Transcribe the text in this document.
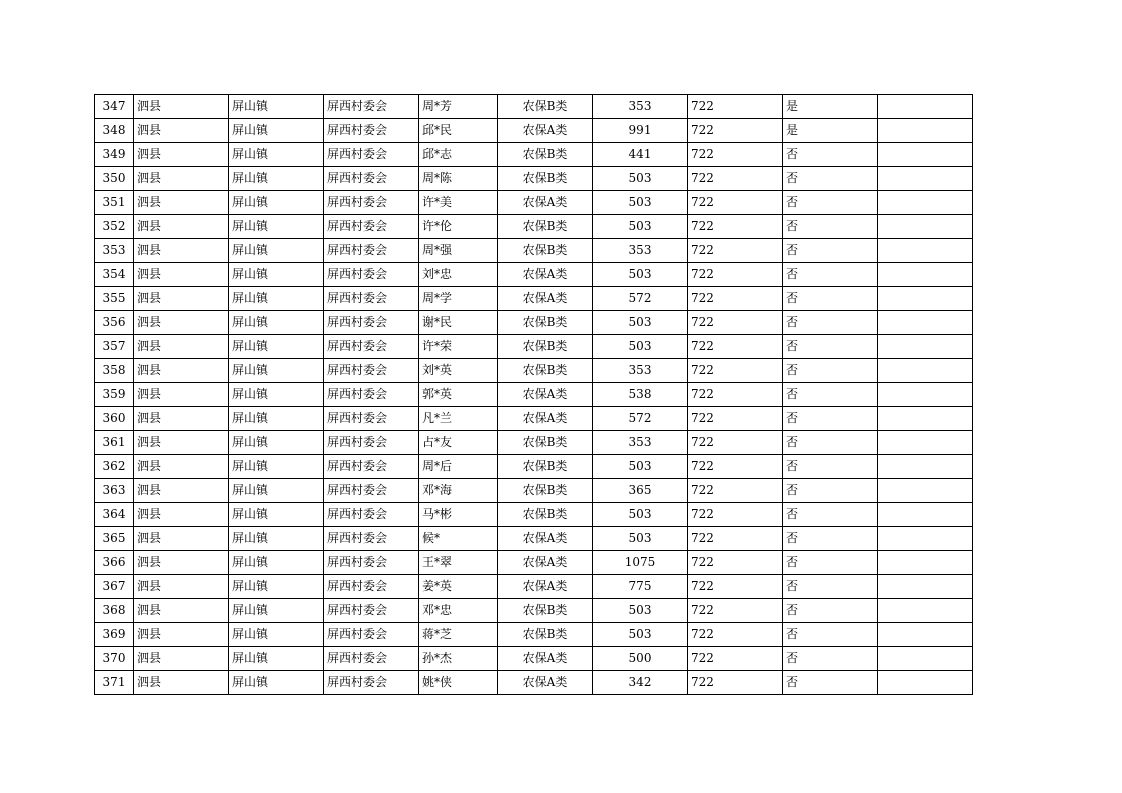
347	泗县	屏山镇	屏西村委会	周*芳	农保B类	353	722	是	
348	泗县	屏山镇	屏西村委会	邱*民	农保A类	991	722	是	
349	泗县	屏山镇	屏西村委会	邱*志	农保B类	441	722	否	
350	泗县	屏山镇	屏西村委会	周*陈	农保B类	503	722	否	
351	泗县	屏山镇	屏西村委会	许*美	农保A类	503	722	否	
352	泗县	屏山镇	屏西村委会	许*伦	农保B类	503	722	否	
353	泗县	屏山镇	屏西村委会	周*强	农保B类	353	722	否	
354	泗县	屏山镇	屏西村委会	刘*忠	农保A类	503	722	否	
355	泗县	屏山镇	屏西村委会	周*学	农保A类	572	722	否	
356	泗县	屏山镇	屏西村委会	谢*民	农保B类	503	722	否	
357	泗县	屏山镇	屏西村委会	许*荣	农保B类	503	722	否	
358	泗县	屏山镇	屏西村委会	刘*英	农保B类	353	722	否	
359	泗县	屏山镇	屏西村委会	郭*英	农保A类	538	722	否	
360	泗县	屏山镇	屏西村委会	凡*兰	农保A类	572	722	否	
361	泗县	屏山镇	屏西村委会	占*友	农保B类	353	722	否	
362	泗县	屏山镇	屏西村委会	周*后	农保B类	503	722	否	
363	泗县	屏山镇	屏西村委会	邓*海	农保B类	365	722	否	
364	泗县	屏山镇	屏西村委会	马*彬	农保B类	503	722	否	
365	泗县	屏山镇	屏西村委会	候*	农保A类	503	722	否	
366	泗县	屏山镇	屏西村委会	王*翠	农保A类	1075	722	否	
367	泗县	屏山镇	屏西村委会	姜*英	农保A类	775	722	否	
368	泗县	屏山镇	屏西村委会	邓*忠	农保B类	503	722	否	
369	泗县	屏山镇	屏西村委会	蒋*芝	农保B类	503	722	否	
370	泗县	屏山镇	屏西村委会	孙*杰	农保A类	500	722	否	
371	泗县	屏山镇	屏西村委会	姚*侠	农保A类	342	722	否	
